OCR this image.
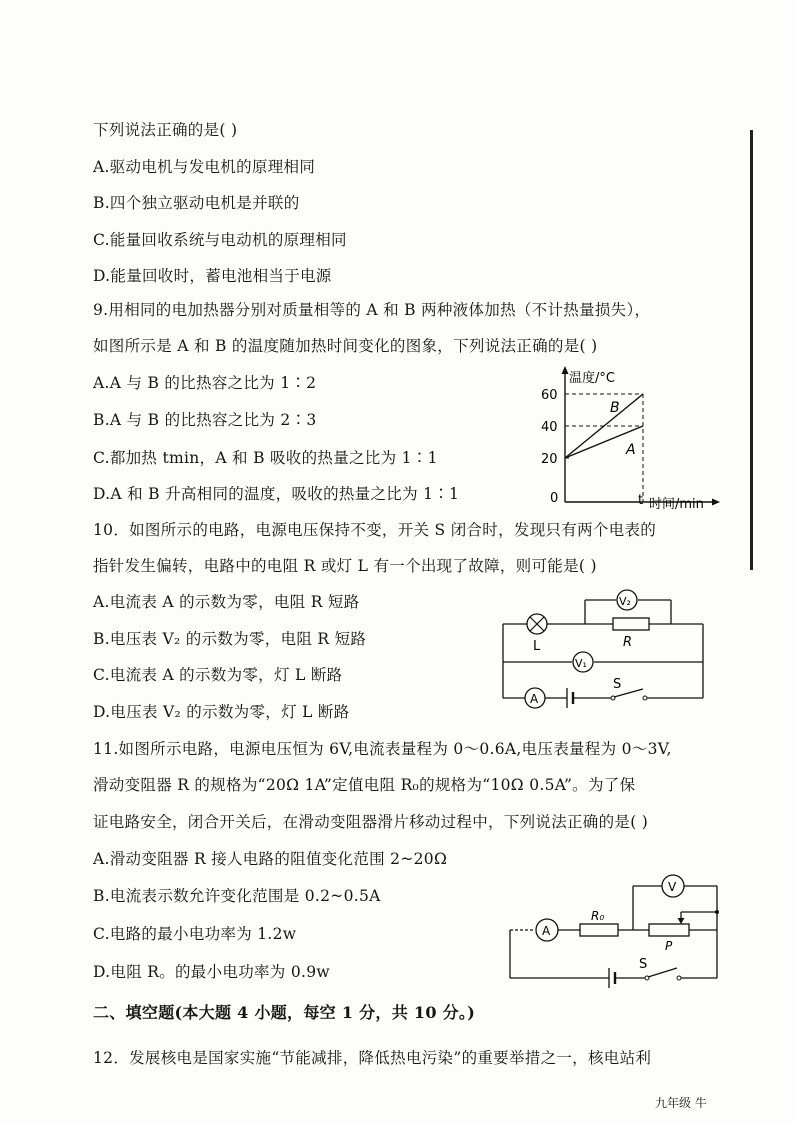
下列说法正确的是( )
A.驱动电机与发电机的原理相同
B.四个独立驱动电机是并联的
C.能量回收系统与电动机的原理相同
D.能量回收时，蓄电池相当于电源
9.用相同的电加热器分别对质量相等的 A 和 B 两种液体加热（不计热量损失），
如图所示是 A 和 B 的温度随加热时间变化的图象，下列说法正确的是( )
A.A 与 B 的比热容之比为 1∶2
B.A 与 B 的比热容之比为 2∶3
C.都加热 tmin，A 和 B 吸收的热量之比为 1∶1
D.A 和 B 升高相同的温度，吸收的热量之比为 1∶1
温度/°C
60
40
20
0	t 时间/min
B
A
10．如图所示的电路，电源电压保持不变，开关 S 闭合时，发现只有两个电表的
指针发生偏转，电路中的电阻 R 或灯 L 有一个出现了故障，则可能是( )
A.电流表 A 的示数为零，电阻 R 短路
B.电压表 V₂ 的示数为零，电阻 R 短路
C.电流表 A 的示数为零，灯 L 断路
D.电压表 V₂ 的示数为零，灯 L 断路
L	R
V₂
V₁
A
S
11.如图所示电路，电源电压恒为 6V,电流表量程为 0～0.6A,电压表量程为 0～3V,
滑动变阻器 R 的规格为“20Ω 1A”定值电阻 R₀的规格为“10Ω 0.5A”。为了保
证电路安全，闭合开关后，在滑动变阻器滑片移动过程中，下列说法正确的是( )
A.滑动变阻器 R 接人电路的阻值变化范围 2~20Ω
B.电流表示数允许变化范围是 0.2~0.5A
C.电路的最小电功率为 1.2w
D.电阻 R。的最小电功率为 0.9w
A
R₀
P
V
S
二、填空题(本大题 4 小题，每空 1 分，共 10 分。)
12．发展核电是国家实施“节能减排，降低热电污染”的重要举措之一，核电站利
九年级 牛
